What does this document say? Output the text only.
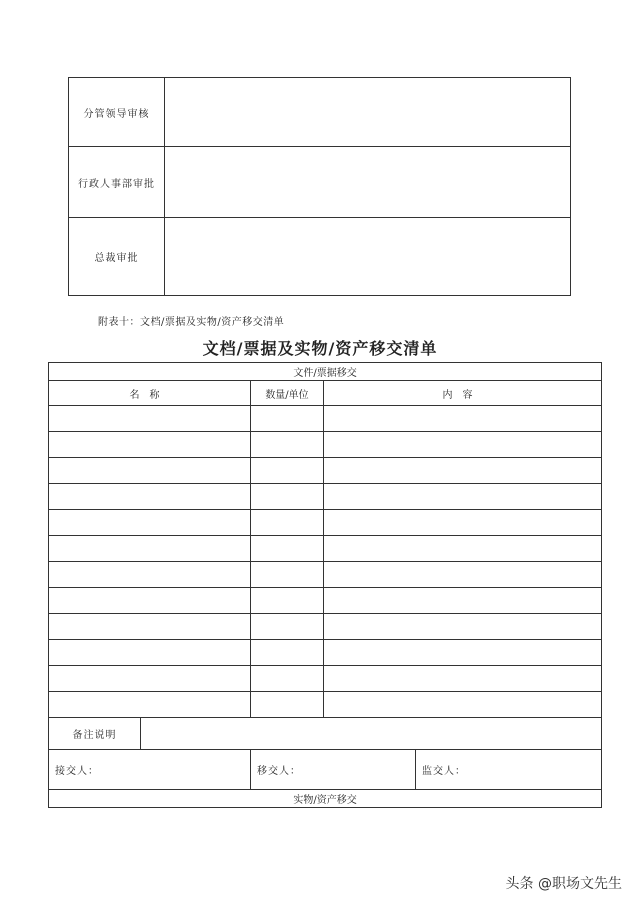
分管领导审核	
行政人事部审批	
总裁审批	
附表十：文档/票据及实物/资产移交清单
文档/票据及实物/资产移交清单
文件/票据移交				
名称		数量/单位	内容	

备注说明				
接交人：		移交人：		监交人：
实物/资产移交				
头条 @职场文先生
